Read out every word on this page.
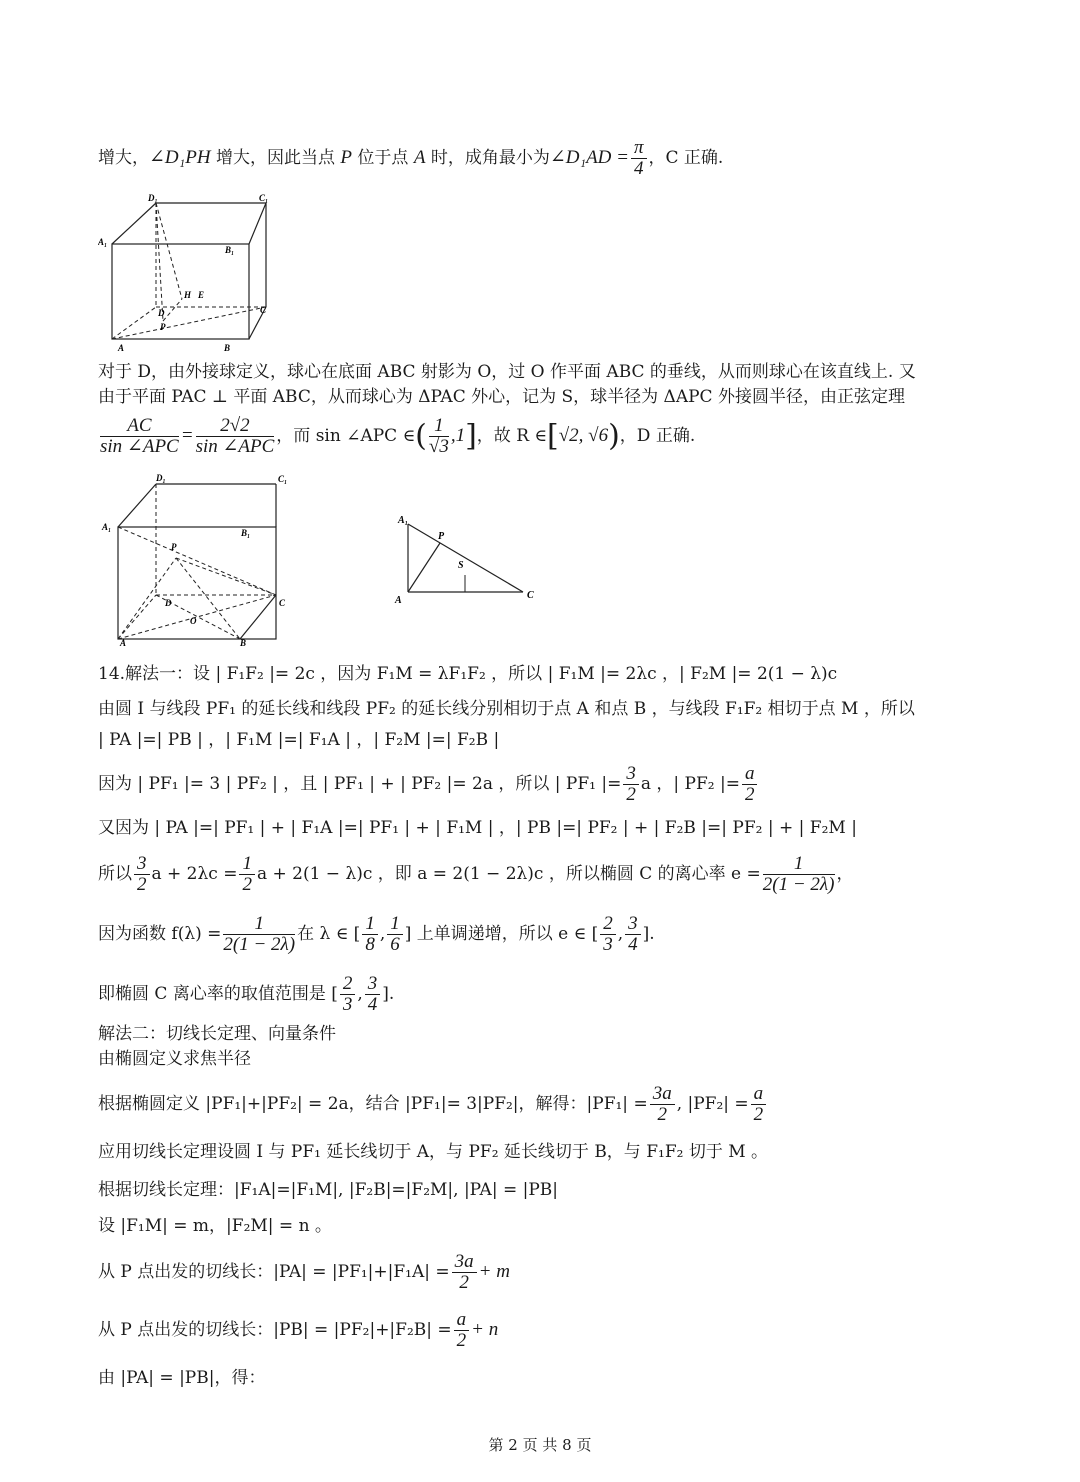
增大，∠D₁PH 增大，因此当点 P 位于点 A 时，成角最小为∠D₁AD = $\frac{\pi}{4}$ ，C 正确.
D₁	C₁
A₁
B₁
H E
D
P
C
A	B
对于 D，由外接球定义，球心在底面 ABC 射影为 O，过 O 作平面 ABC 的垂线，从而则球心在该直线上. 又
由于平面 PAC ⊥ 平面 ABC，从而球心为 ΔPAC 外心，记为 S，球半径为 ΔAPC 外接圆半径，由正弦定理
$\frac{AC}{\text{sin ∠APC}} = \frac{2√2}{\text{sin ∠APC}}$ ，而 sin ∠APC ∈( $\frac{1}{√3} ,1$]，故 R ∈[√2, √6)，D 正确.
D₁	C₁
A₁
B₁
P
D	C
O
A	B
A₁
P
S
A	C
14.解法一：设 | F₁F₂ |= 2c ，因为 F₁M = λF₁F₂ ，所以 | F₁M |= 2λc ，| F₂M |= 2(1 − λ)c
由圆 I 与线段 PF₁ 的延长线和线段 PF₂ 的延长线分别相切于点 A 和点 B ，与线段 F₁F₂ 相切于点 M ，所以
| PA |=| PB | ，| F₁M |=| F₁A | ，| F₂M |=| F₂B |
因为 | PF₁ |= 3 | PF₂ | ，且 | PF₁ | + | PF₂ |= 2a ，所以 | PF₁ |= $\frac{3}{2}$ a ，| PF₂ |= $\frac{a}{2}$
又因为 | PA |=| PF₁ | + | F₁A |=| PF₁ | + | F₁M | ，| PB |=| PF₂ | + | F₂B |=| PF₂ | + | F₂M |
所以 $\frac{3}{2}$ $a + 2\lambda c = \frac{1}{2}$ a + 2(1 − λ)c ，即 a = 2(1 − 2λ)c ，所以椭圆 C 的离心率 $e = \frac{1}{2(1 - 2\lambda)}$ ，
因为函数 $f(\lambda) = \frac{1}{2(1 - 2\lambda)}$ 在 λ ∈ [ $\frac{1}{8}$ , $\frac{1}{6}$ ] 上单调递增，所以 e ∈ [ $\frac{2}{3}$ , $\frac{3}{4}$ ].
即椭圆 C 离心率的取值范围是 [ $\frac{2}{3}$ , $\frac{3}{4}$ ].
解法二：切线长定理、向量条件
由椭圆定义求焦半径
根据椭圆定义 |PF₁|+|PF₂| = 2a，结合 |PF₁|= 3|PF₂|，解得：$|PF_1| = \frac{3a}{2}$ , $|PF_2| = \frac{a}{2}$
应用切线长定理设圆 I 与 PF₁ 延长线切于 A，与 PF₂ 延长线切于 B，与 F₁F₂ 切于 M 。
根据切线长定理：|F₁A|=|F₁M|, |F₂B|=|F₂M|, |PA| = |PB|
设 |F₁M| = m，|F₂M| = n 。
从 P 点出发的切线长：$|PA| = |PF_1|+|F_1A| = \frac{3a}{2} + m$
从 P 点出发的切线长：$|PB| = |PF_2|+|F_2B| = \frac{a}{2} + n$
由 |PA| = |PB|，得：
第 2 页 共 8 页
